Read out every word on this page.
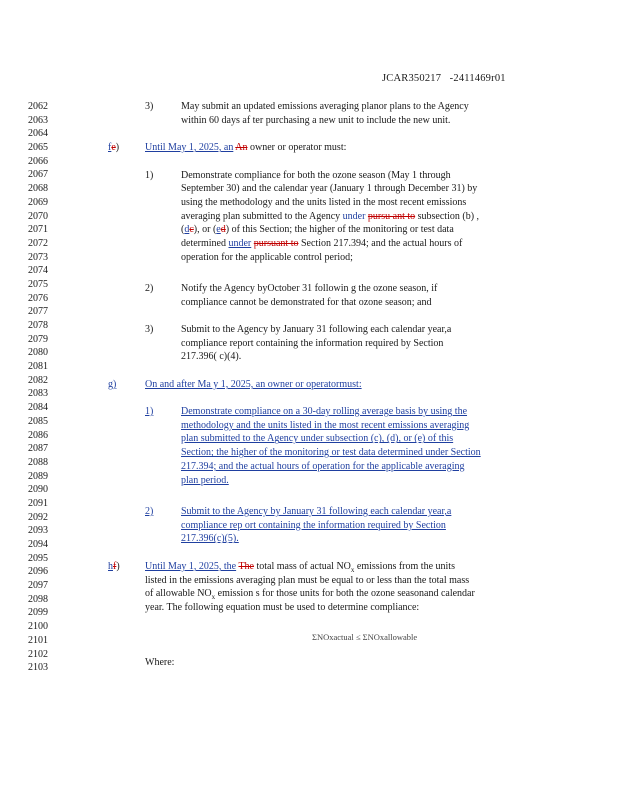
JCAR350217 -2411469r01
2062
2063
2064
2065
2066
2067
2068
2069
2070
2071
2072
2073
2074
2075
2076
2077
2078
2079
2080
2081
2082
2083
2084
2085
2086
2087
2088
2089
2090
2091
2092
2093
2094
2095
2096
2097
2098
2099
2100
2101
2102
2103
3)	May submit an updated emissions averaging planor plans to the Agency
within 60 days af ter purchasing a new unit to include the new unit.
fe)	Until May 1, 2025, an An owner or operator must:
1)	Demonstrate compliance for both the ozone season (May 1 through
September 30) and the calendar year (January 1 through December 31) by
using the methodology and the units listed in the most recent emissions
averaging plan submitted to the Agency under pursu ant to subsection (b) ,
(dc), or (ed) of this Section; the higher of the monitoring or test data
determined under pursuant to Section 217.394; and the actual hours of
operation for the applicable control period;
2)	Notify the Agency byOctober 31 followin g the ozone season, if
compliance cannot be demonstrated for that ozone season; and
3)	Submit to the Agency by January 31 following each calendar year,a
compliance report containing the information required by Section
217.396( c)(4).
g)	On and after Ma y 1, 2025, an owner or operatormust:
1)	Demonstrate compliance on a 30-day rolling average basis by using the
methodology and the units listed in the most recent emissions averaging
plan submitted to the Agency under subsection (c), (d), or (e) of this
Section; the higher of the monitoring or test data determined under Section
217.394; and the actual hours of operation for the applicable averaging
plan period.
2)	Submit to the Agency by January 31 following each calendar year,a
compliance rep ort containing the information required by Section
217.396(c)(5).
hf)	Until May 1, 2025, the The total mass of actual $NO_x$ emissions from the units
listed in the emissions averaging plan must be equal to or less than the total mass
of allowable $NO_x$ emission s for those units for both the ozone seasonand calendar
year. The following equation must be used to determine compliance:
ΣNOxactual ≤ ΣNOxallowable
Where:
